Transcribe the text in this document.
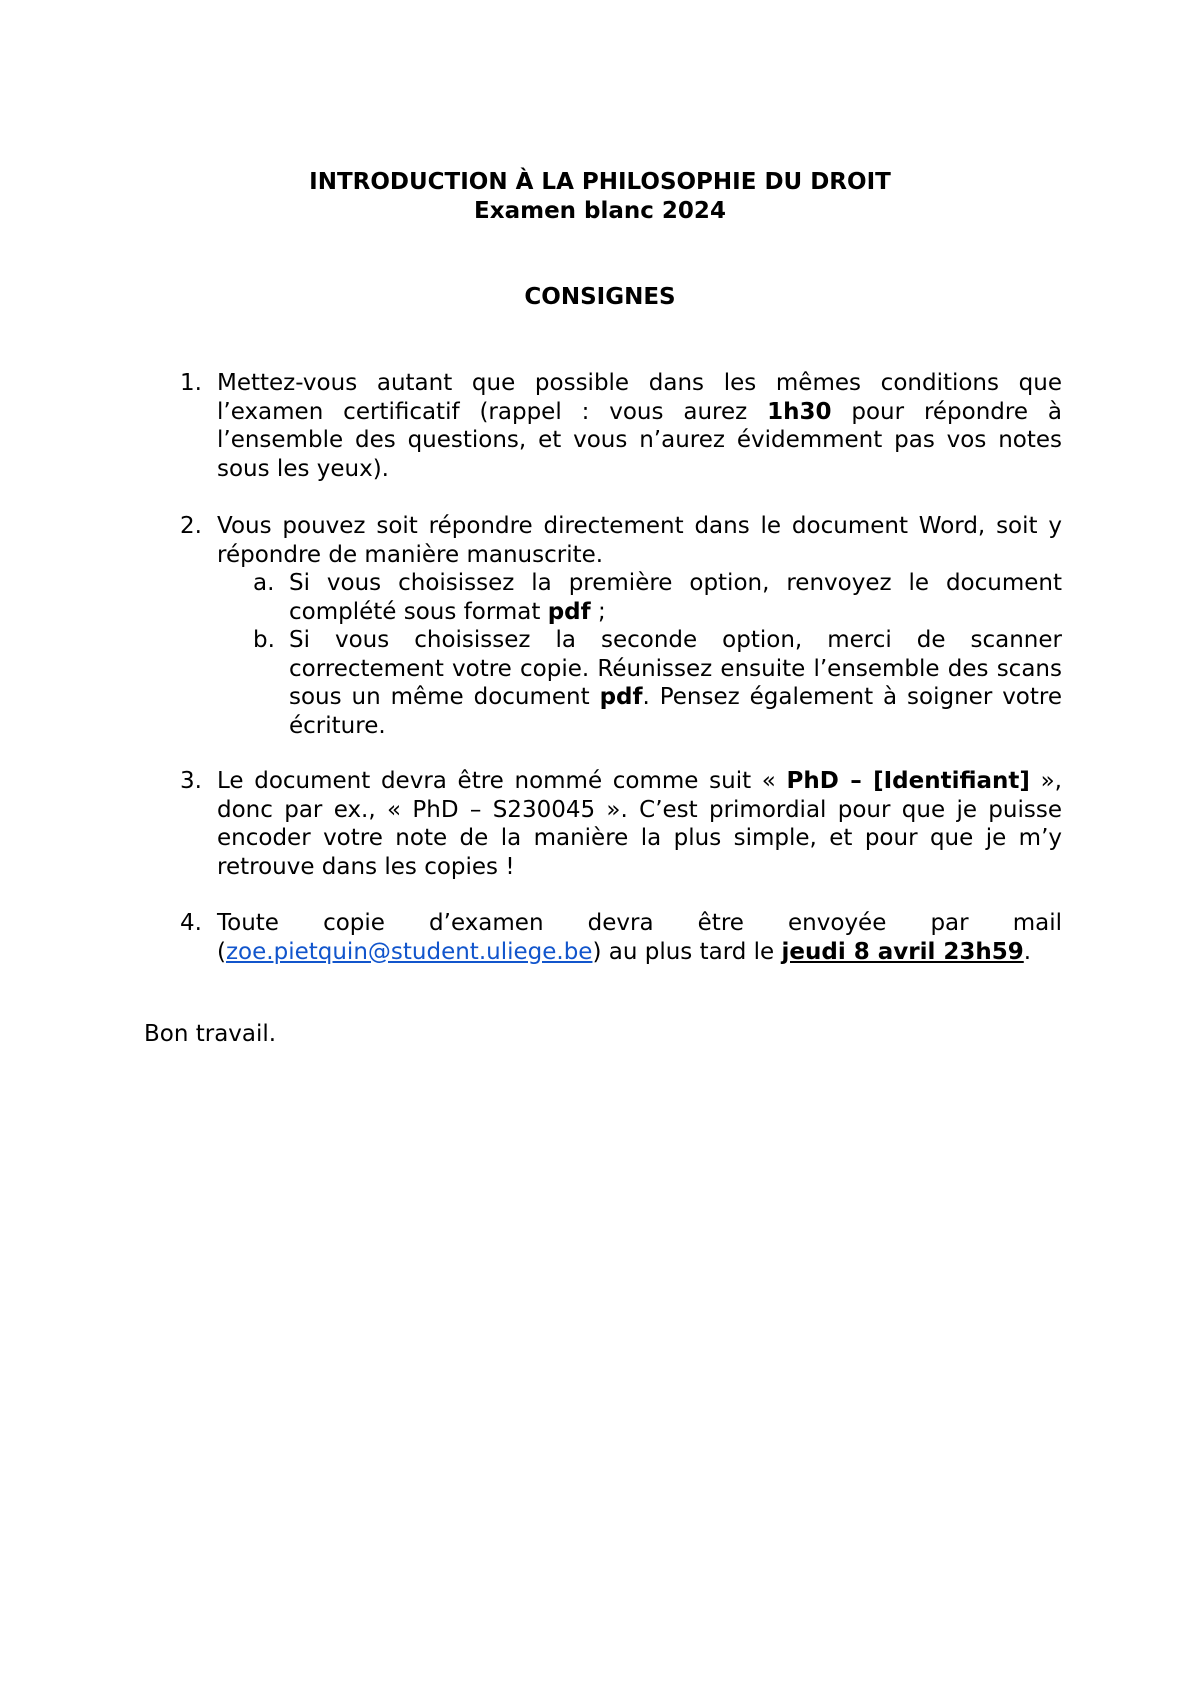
INTRODUCTION À LA PHILOSOPHIE DU DROIT
Examen blanc 2024
CONSIGNES
1. Mettez-vous autant que possible dans les mêmes conditions que l’examen certificatif (rappel : vous aurez 1h30 pour répondre à l’ensemble des questions, et vous n’aurez évidemment pas vos notes sous les yeux).
2. Vous pouvez soit répondre directement dans le document Word, soit y répondre de manière manuscrite.
a. Si vous choisissez la première option, renvoyez le document complété sous format pdf ;
b. Si vous choisissez la seconde option, merci de scanner correctement votre copie. Réunissez ensuite l’ensemble des scans sous un même document pdf. Pensez également à soigner votre écriture.
3. Le document devra être nommé comme suit « PhD – [Identifiant] », donc par ex., « PhD – S230045 ». C’est primordial pour que je puisse encoder votre note de la manière la plus simple, et pour que je m’y retrouve dans les copies !
4. Toute copie d’examen devra être envoyée par mail (zoe.pietquin@student.uliege.be) au plus tard le jeudi 8 avril 23h59.
Bon travail.
